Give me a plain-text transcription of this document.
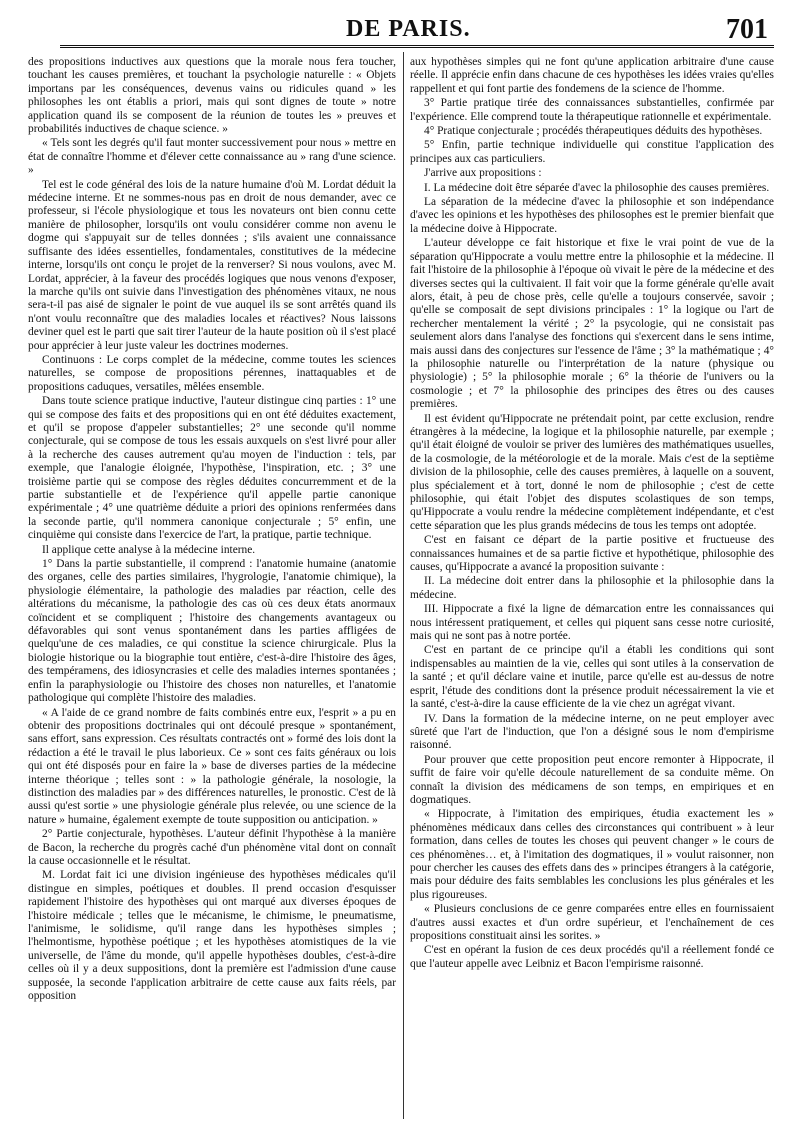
DE PARIS.	701

des propositions inductives aux questions que la morale nous fera toucher, touchant les causes premières, et touchant la psychologie naturelle : « Objets importans par les conséquences, devenus vains ou ridicules quand » les philosophes les ont établis a priori, mais qui sont dignes de toute » notre application quand ils se composent de la réunion de toutes les » preuves et probabilités inductives de chaque science. »

« Tels sont les degrés qu'il faut monter successivement pour nous » mettre en état de connaître l'homme et d'élever cette connaissance au » rang d'une science. »

Tel est le code général des lois de la nature humaine d'où M. Lordat déduit la médecine interne. Et ne sommes-nous pas en droit de nous demander, avec ce professeur, si l'école physiologique et tous les novateurs ont bien connu cette manière de philosopher, lorsqu'ils ont voulu considérer comme non avenu le dogme qui s'appuyait sur de telles données ; s'ils avaient une connaissance suffisante des idées essentielles, fondamentales, constitutives de la médecine interne, lorsqu'ils ont conçu le projet de la renverser? Si nous voulons, avec M. Lordat, apprécier, à la faveur des procédés logiques que nous venons d'exposer, la marche qu'ils ont suivie dans l'investigation des phénomènes vitaux, ne nous sera-t-il pas aisé de signaler le point de vue auquel ils se sont arrêtés quand ils n'ont voulu reconnaître que des maladies locales et réactives? Nous laissons deviner quel est le parti que sait tirer l'auteur de la haute position où il s'est placé pour apprécier à leur juste valeur les doctrines modernes.

Continuons : Le corps complet de la médecine, comme toutes les sciences naturelles, se compose de propositions pérennes, inattaquables et de propositions caduques, versatiles, mêlées ensemble.

Dans toute science pratique inductive, l'auteur distingue cinq parties : 1° une qui se compose des faits et des propositions qui en ont été déduites exactement, et qu'il se propose d'appeler substantielles; 2° une seconde qu'il nomme conjecturale, qui se compose de tous les essais auxquels on s'est livré pour aller à la recherche des causes autrement qu'au moyen de l'induction : tels, par exemple, que l'analogie éloignée, l'hypothèse, l'inspiration, etc. ; 3° une troisième partie qui se compose des règles déduites concurremment et de la partie substantielle et de l'expérience qu'il appelle partie canonique expérimentale ; 4° une quatrième déduite a priori des opinions renfermées dans la seconde partie, qu'il nommera canonique conjecturale ; 5° enfin, une cinquième qui consiste dans l'exercice de l'art, la pratique, partie technique.

Il applique cette analyse à la médecine interne.

1° Dans la partie substantielle, il comprend : l'anatomie humaine (anatomie des organes, celle des parties similaires, l'hygrologie, l'anatomie chimique), la physiologie élémentaire, la pathologie des maladies par réaction, celle des altérations du mécanisme, la pathologie des cas où ces deux états anormaux coïncident et se compliquent ; l'histoire des changements avantageux ou défavorables qui sont venus spontanément dans les parties affligées de quelqu'une de ces maladies, ce qui constitue la science chirurgicale. Plus la biologie historique ou la biographie tout entière, c'est-à-dire l'histoire des âges, des tempéramens, des idiosyncrasies et celle des maladies internes spontanées ; enfin la paraphysiologie ou l'histoire des choses non naturelles, et l'anatomie pathologique qui complète l'histoire des maladies.

« A l'aide de ce grand nombre de faits combinés entre eux, l'esprit » a pu en obtenir des propositions doctrinales qui ont découlé presque » spontanément, sans effort, sans expression. Ces résultats contractés ont » formé des lois dont la rédaction a été le travail le plus laborieux. Ce » sont ces faits généraux ou lois qui ont été disposés pour en faire la » base de diverses parties de la médecine interne théorique ; telles sont : » la pathologie générale, la nosologie, la distinction des maladies par » des différences naturelles, le pronostic. C'est de là aussi qu'est sortie » une physiologie générale plus relevée, ou une science de la nature » humaine, également exempte de toute supposition ou anticipation. »

2° Partie conjecturale, hypothèses. L'auteur définit l'hypothèse à la manière de Bacon, la recherche du progrès caché d'un phénomène vital dont on connaît la cause occasionnelle et le résultat.

M. Lordat fait ici une division ingénieuse des hypothèses médicales qu'il distingue en simples, poétiques et doubles. Il prend occasion d'esquisser rapidement l'histoire des hypothèses qui ont marqué aux diverses époques de l'histoire médicale ; telles que le mécanisme, le chimisme, le pneumatisme, l'animisme, le solidisme, qu'il range dans les hypothèses simples ; l'helmontisme, hypothèse poétique ; et les hypothèses atomistiques de la vie universelle, de l'âme du monde, qu'il appelle hypothèses doubles, c'est-à-dire celles où il y a deux suppositions, dont la première est l'admission d'une cause supposée, la seconde l'application arbitraire de cette cause aux faits réels, par opposition

aux hypothèses simples qui ne font qu'une application arbitraire d'une cause réelle. Il apprécie enfin dans chacune de ces hypothèses les idées vraies qu'elles rappellent et qui font partie des fondemens de la science de l'homme.

3° Partie pratique tirée des connaissances substantielles, confirmée par l'expérience. Elle comprend toute la thérapeutique rationnelle et expérimentale.

4° Pratique conjecturale ; procédés thérapeutiques déduits des hypothèses.

5° Enfin, partie technique individuelle qui constitue l'application des principes aux cas particuliers.

J'arrive aux propositions :

I. La médecine doit être séparée d'avec la philosophie des causes premières.

La séparation de la médecine d'avec la philosophie et son indépendance d'avec les opinions et les hypothèses des philosophes est le premier bienfait que la médecine doive à Hippocrate.

L'auteur développe ce fait historique et fixe le vrai point de vue de la séparation qu'Hippocrate a voulu mettre entre la philosophie et la médecine. Il fait l'histoire de la philosophie à l'époque où vivait le père de la médecine et des diverses sectes qui la cultivaient. Il fait voir que la forme générale qu'elle avait alors, était, à peu de chose près, celle qu'elle a toujours conservée, savoir ; qu'elle se composait de sept divisions principales : 1° la logique ou l'art de rechercher mentalement la vérité ; 2° la psycologie, qui ne consistait pas seulement alors dans l'analyse des fonctions qui s'exercent dans le sens intime, mais aussi dans des conjectures sur l'essence de l'âme ; 3° la mathématique ; 4° la philosophie naturelle ou l'interprétation de la nature (physique ou physiologie) ; 5° la philosophie morale ; 6° la théorie de l'univers ou la cosmologie ; et 7° la philosophie des principes des êtres ou des causes premières.

Il est évident qu'Hippocrate ne prétendait point, par cette exclusion, rendre étrangères à la médecine, la logique et la philosophie naturelle, par exemple ; qu'il était éloigné de vouloir se priver des lumières des mathématiques usuelles, de la cosmologie, de la météorologie et de la morale. Mais c'est de la septième division de la philosophie, celle des causes premières, à laquelle on a souvent, plus spécialement et à tort, donné le nom de philosophie ; c'est de cette philosophie, qui était l'objet des disputes scolastiques de son temps, qu'Hippocrate a voulu rendre la médecine complètement indépendante, et c'est cette séparation que les plus grands médecins de tous les temps ont adoptée.

C'est en faisant ce départ de la partie positive et fructueuse des connaissances humaines et de sa partie fictive et hypothétique, philosophie des causes, qu'Hippocrate a avancé la proposition suivante :

II. La médecine doit entrer dans la philosophie et la philosophie dans la médecine.

III. Hippocrate a fixé la ligne de démarcation entre les connaissances qui nous intéressent pratiquement, et celles qui piquent sans cesse notre curiosité, mais qui ne sont pas à notre portée.

C'est en partant de ce principe qu'il a établi les conditions qui sont indispensables au maintien de la vie, celles qui sont utiles à la conservation de la santé ; et qu'il déclare vaine et inutile, parce qu'elle est au-dessus de notre esprit, l'étude des conditions dont la présence produit nécessairement la vie et la santé, c'est-à-dire la cause efficiente de la vie chez un agrégat vivant.

IV. Dans la formation de la médecine interne, on ne peut employer avec sûreté que l'art de l'induction, que l'on a désigné sous le nom d'empirisme raisonné.

Pour prouver que cette proposition peut encore remonter à Hippocrate, il suffit de faire voir qu'elle découle naturellement de sa conduite même. On connaît la division des médicamens de son temps, en empiriques et en dogmatiques.

« Hippocrate, à l'imitation des empiriques, étudia exactement les » phénomènes médicaux dans celles des circonstances qui contribuent » à leur formation, dans celles de toutes les choses qui peuvent changer » le cours de ces phénomènes… et, à l'imitation des dogmatiques, il » voulut raisonner, non pour chercher les causes des effets dans des » principes étrangers à la catégorie, mais pour déduire des faits semblables les conclusions les plus générales et les plus rigoureuses.

« Plusieurs conclusions de ce genre comparées entre elles en fournissaient d'autres aussi exactes et d'un ordre supérieur, et l'enchaînement de ces propositions constituait ainsi les sorites. »

C'est en opérant la fusion de ces deux procédés qu'il a réellement fondé ce que l'auteur appelle avec Leibniz et Bacon l'empirisme raisonné.
